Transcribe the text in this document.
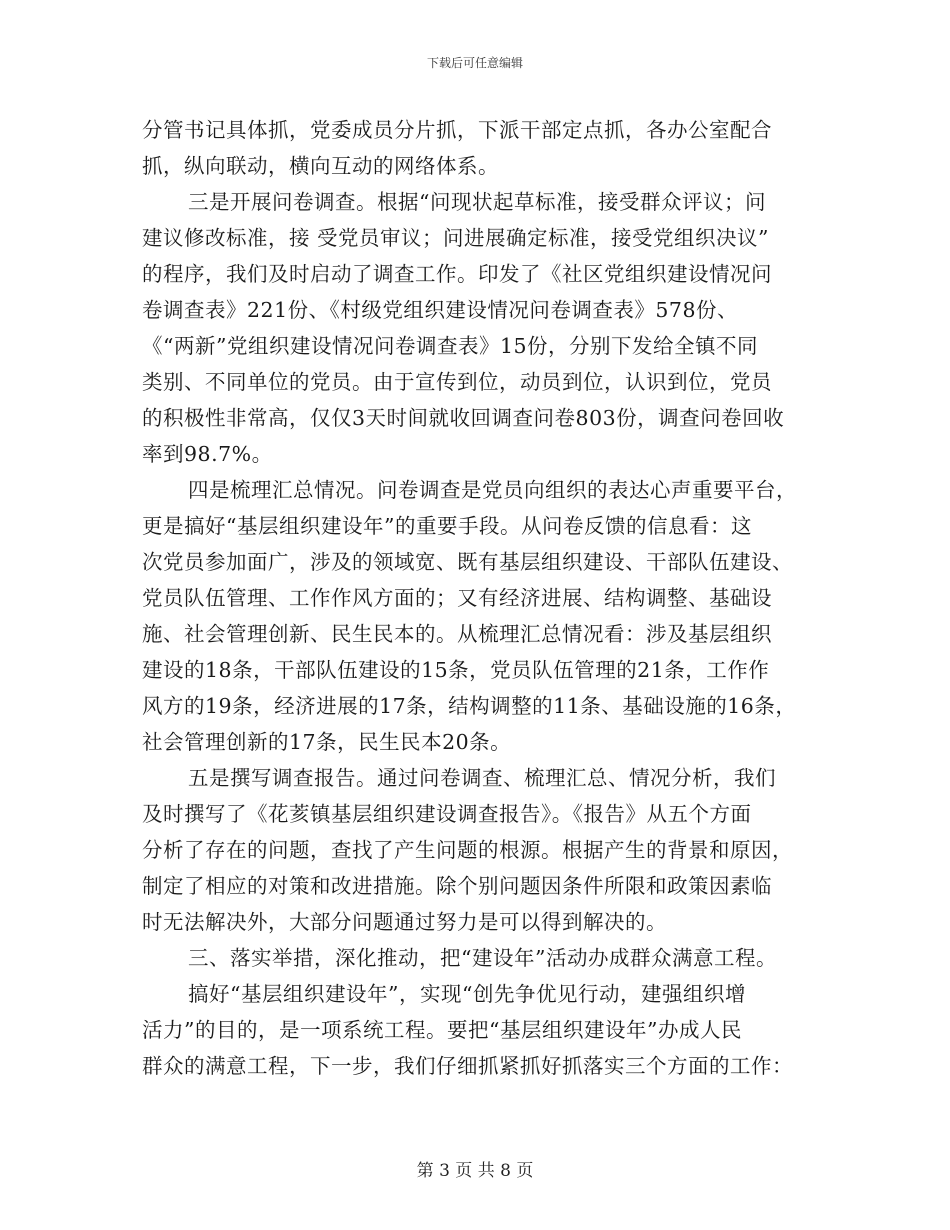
下载后可任意编辑
分管书记具体抓，党委成员分片抓，下派干部定点抓，各办公室配合
抓，纵向联动，横向互动的网络体系。
三是开展问卷调查。根据“问现状起草标准，接受群众评议；问
建议修改标准，接 受党员审议；问进展确定标准，接受党组织决议”
的程序，我们及时启动了调查工作。印发了《社区党组织建设情况问
卷调查表》221份、《村级党组织建设情况问卷调查表》578份、
《“两新”党组织建设情况问卷调查表》15份，分别下发给全镇不同
类别、不同单位的党员。由于宣传到位，动员到位，认识到位，党员
的积极性非常高，仅仅3天时间就收回调查问卷803份，调查问卷回收
率到98.7%。
四是梳理汇总情况。问卷调查是党员向组织的表达心声重要平台，
更是搞好“基层组织建设年”的重要手段。从问卷反馈的信息看：这
次党员参加面广，涉及的领域宽、既有基层组织建设、干部队伍建设、
党员队伍管理、工作作风方面的；又有经济进展、结构调整、基础设
施、社会管理创新、民生民本的。从梳理汇总情况看：涉及基层组织
建设的18条，干部队伍建设的15条，党员队伍管理的21条，工作作
风方的19条，经济进展的17条，结构调整的11条、基础设施的16条，
社会管理创新的17条，民生民本20条。
五是撰写调查报告。通过问卷调查、梳理汇总、情况分析，我们
及时撰写了《花荄镇基层组织建设调查报告》。《报告》从五个方面
分析了存在的问题，查找了产生问题的根源。根据产生的背景和原因，
制定了相应的对策和改进措施。除个别问题因条件所限和政策因素临
时无法解决外，大部分问题通过努力是可以得到解决的。
三、落实举措，深化推动，把“建设年”活动办成群众满意工程。
搞好“基层组织建设年”，实现“创先争优见行动，建强组织增
活力”的目的，是一项系统工程。要把“基层组织建设年”办成人民
群众的满意工程，下一步，我们仔细抓紧抓好抓落实三个方面的工作：
第 3 页 共 8 页
